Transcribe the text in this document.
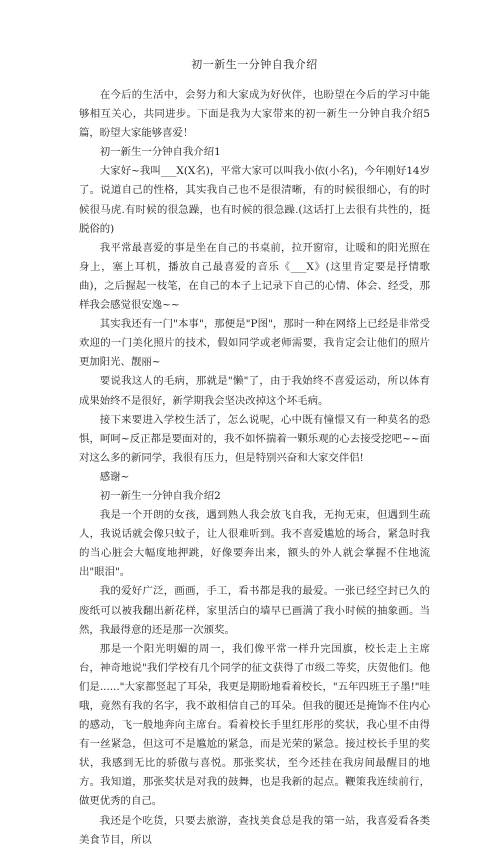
初一新生一分钟自我介绍

在今后的生活中，会努力和大家成为好伙伴，也盼望在今后的学习中能够相互关心，共同进步。下面是我为大家带来的初一新生一分钟自我介绍5篇，盼望大家能够喜爱！

初一新生一分钟自我介绍1

大家好~我叫___X(X名)，平常大家可以叫我小依(小名)，今年刚好14岁了。说道自己的性格，其实我自己也不是很清晰，有的时候很细心，有的时候很马虎.有时候的很急躁，也有时候的很急躁.(这话打上去很有共性的，挺脱俗的)

我平常最喜爱的事是坐在自己的书桌前，拉开窗帘，让暖和的阳光照在身上，塞上耳机，播放自己最喜爱的音乐《___X》(这里肯定要是抒情歌曲)，之后握起一枝笔，在自己的本子上记录下自己的心情、体会、经受，那样我会感觉很安逸~~

其实我还有一门"本事"，那便是"P图"，那时一种在网络上已经是非常受欢迎的一门美化照片的技术，假如同学或老师需要，我肯定会让他们的照片更加阳光、靓丽~

要说我这人的毛病，那就是"懒"了，由于我始终不喜爱运动，所以体育成果始终不是很好，新学期我会坚决改掉这个坏毛病。

接下来要进入学校生活了，怎么说呢，心中既有憧憬又有一种莫名的恐惧，呵呵~反正都是要面对的，我不如怀揣着一颗乐观的心去接受挖吧~~面对这么多的新同学，我很有压力，但是特别兴奋和大家交伴侣!

感谢~

初一新生一分钟自我介绍2

我是一个开朗的女孩，遇到熟人我会放飞自我，无拘无束，但遇到生疏人，我说话就会像只蚊子，让人很难听到。我不喜爱尴尬的场合，紧急时我的当心脏会大幅度地押跳，好像要奔出来，额头的外人就会掌握不住地流出"眼泪"。

我的爱好广泛，画画，手工，看书都是我的最爱。一张已经空封已久的废纸可以被我翻出新花样，家里活白的墙早已画满了我小时候的抽象画。当然，我最得意的还是那一次颁奖。

那是一个阳光明媚的周一，我们像平常一样升完国旗，校长走上主席台，神奇地说"我们学校有几个同学的征文获得了市级二等奖，庆贺他们。他们是......"大家都竖起了耳朵，我更是期盼地看着校长，"五年四班王子墨!"哇哦，竟然有我的名字，我不敢相信自己的耳朵。但我的腿还是掩饰不住内心的感动，飞一般地奔向主席台。看着校长手里红彤彤的奖状，我心里不由得有一丝紧急，但这可不是尴尬的紧急，而是光荣的紧急。接过校长手里的奖状，我感到无比的骄傲与喜悦。那张奖状，至今还挂在我房间最醒目的地方。我知道，那张奖状是对我的鼓舞，也是我新的起点。鞭策我连续前行，做更优秀的自己。

我还是个吃货，只要去旅游，查找美食总是我的第一站，我喜爱看各类美食节目，所以
